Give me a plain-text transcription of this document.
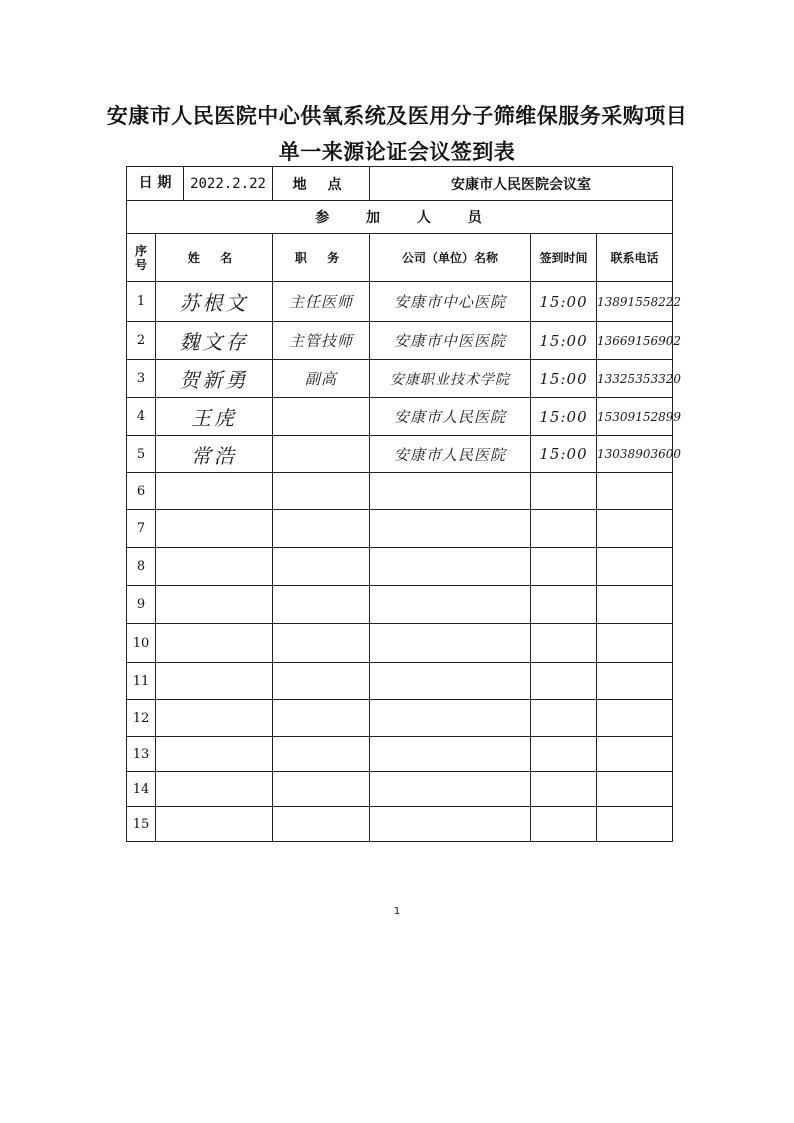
安康市人民医院中心供氧系统及医用分子筛维保服务采购项目
单一来源论证会议签到表
日 期 2022.2.22		地 点	安康市人民医院会议室		
参 加 人 员					
序号	姓 名	职 务	公司（单位）名称	签到时间	联系电话
1	苏根文	主任医师	安康市中心医院	15:00	13891558222
2	魏文存	主管技师	安康市中医医院	15:00	13669156902
3	贺新勇	副高	安康职业技术学院	15:00	13325353320
4	王虎		安康市人民医院	15:00	15309152899
5	常浩		安康市人民医院	15:00	13038903600
6					
7					
8					
9					
10					
11					
12					
13					
14					
15					
1
